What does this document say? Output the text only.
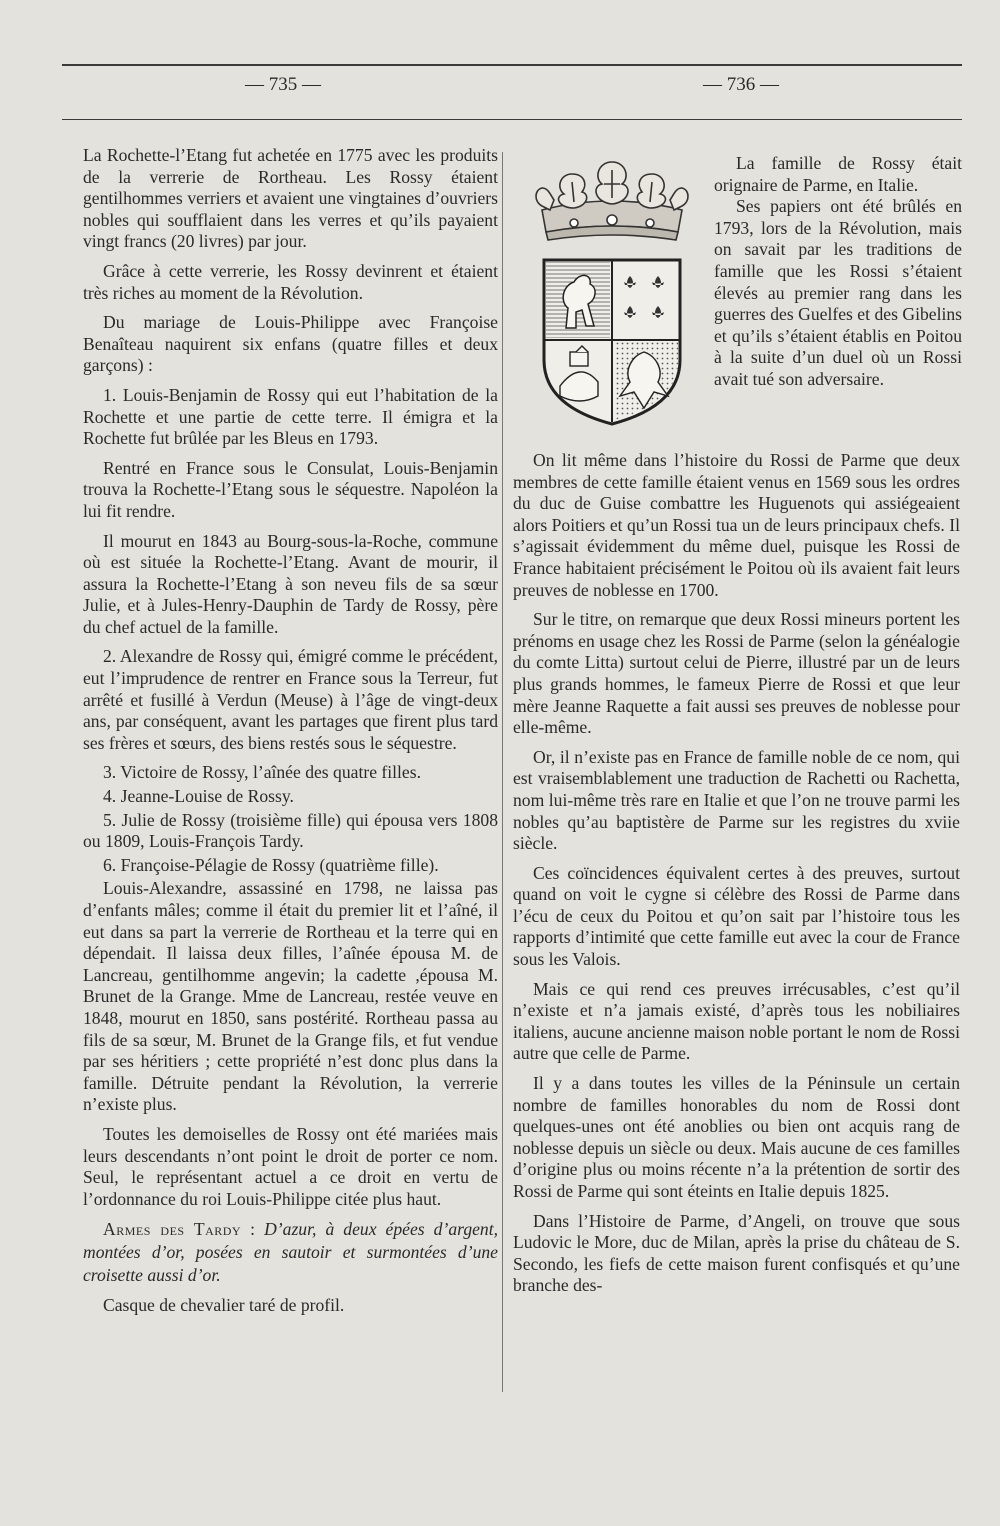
— 735 —	— 736 —

La Rochette-l’Etang fut achetée en 1775 avec les produits de la verrerie de Rortheau. Les Rossy étaient gentilhommes verriers et avaient une vingtaines d’ouvriers nobles qui soufflaient dans les verres et qu’ils payaient vingt francs (20 livres) par jour.

Grâce à cette verrerie, les Rossy devinrent et étaient très riches au moment de la Révolution.

Du mariage de Louis-Philippe avec Françoise Benaîteau naquirent six enfans (quatre filles et deux garçons) :

1. Louis-Benjamin de Rossy qui eut l’habitation de la Rochette et une partie de cette terre. Il émigra et la Rochette fut brûlée par les Bleus en 1793.

Rentré en France sous le Consulat, Louis-Benjamin trouva la Rochette-l’Etang sous le séquestre. Napoléon la lui fit rendre.

Il mourut en 1843 au Bourg-sous-la-Roche, commune où est située la Rochette-l’Etang. Avant de mourir, il assura la Rochette-l’Etang à son neveu fils de sa sœur Julie, et à Jules-Henry-Dauphin de Tardy de Rossy, père du chef actuel de la famille.

2. Alexandre de Rossy qui, émigré comme le précédent, eut l’imprudence de rentrer en France sous la Terreur, fut arrêté et fusillé à Verdun (Meuse) à l’âge de vingt-deux ans, par conséquent, avant les partages que firent plus tard ses frères et sœurs, des biens restés sous le séquestre.

3. Victoire de Rossy, l’aînée des quatre filles.

4. Jeanne-Louise de Rossy.

5. Julie de Rossy (troisième fille) qui épousa vers 1808 ou 1809, Louis-François Tardy.

6. Françoise-Pélagie de Rossy (quatrième fille).

Louis-Alexandre, assassiné en 1798, ne laissa pas d’enfants mâles; comme il était du premier lit et l’aîné, il eut dans sa part la verrerie de Rortheau et la terre qui en dépendait. Il laissa deux filles, l’aînée épousa M. de Lancreau, gentilhomme angevin; la cadette ,épousa M. Brunet de la Grange. Mme de Lancreau, restée veuve en 1848, mourut en 1850, sans postérité. Rortheau passa au fils de sa sœur, M. Brunet de la Grange fils, et fut vendue par ses héritiers ; cette propriété n’est donc plus dans la famille. Détruite pendant la Révolution, la verrerie n’existe plus.

Toutes les demoiselles de Rossy ont été mariées mais leurs descendants n’ont point le droit de porter ce nom. Seul, le représentant actuel a ce droit en vertu de l’ordonnance du roi Louis-Philippe citée plus haut.

Armes des Tardy : D’azur, à deux épées d’argent, montées d’or, posées en sautoir et surmontées d’une croisette aussi d’or.

Casque de chevalier taré de profil.

La famille de Rossy était orignaire de Parme, en Italie.

Ses papiers ont été brûlés en 1793, lors de la Révolution, mais on savait par les traditions de famille que les Rossi s’étaient élevés au premier rang dans les guerres des Guelfes et des Gibelins et qu’ils s’étaient établis en Poitou à la suite d’un duel où un Rossi avait tué son adversaire.

On lit même dans l’histoire du Rossi de Parme que deux membres de cette famille étaient venus en 1569 sous les ordres du duc de Guise combattre les Huguenots qui assiégeaient alors Poitiers et qu’un Rossi tua un de leurs principaux chefs. Il s’agissait évidemment du même duel, puisque les Rossi de France habitaient précisément le Poitou où ils avaient fait leurs preuves de noblesse en 1700.

Sur le titre, on remarque que deux Rossi mineurs portent les prénoms en usage chez les Rossi de Parme (selon la généalogie du comte Litta) surtout celui de Pierre, illustré par un de leurs plus grands hommes, le fameux Pierre de Rossi et que leur mère Jeanne Raquette a fait aussi ses preuves de noblesse pour elle-même.

Or, il n’existe pas en France de famille noble de ce nom, qui est vraisemblablement une traduction de Rachetti ou Rachetta, nom lui-même très rare en Italie et que l’on ne trouve parmi les nobles qu’au baptistère de Parme sur les registres du xviie siècle.

Ces coïncidences équivalent certes à des preuves, surtout quand on voit le cygne si célèbre des Rossi de Parme dans l’écu de ceux du Poitou et qu’on sait par l’histoire tous les rapports d’intimité que cette famille eut avec la cour de France sous les Valois.

Mais ce qui rend ces preuves irrécusables, c’est qu’il n’existe et n’a jamais existé, d’après tous les nobiliaires italiens, aucune ancienne maison noble portant le nom de Rossi autre que celle de Parme.

Il y a dans toutes les villes de la Péninsule un certain nombre de familles honorables du nom de Rossi dont quelques-unes ont été anoblies ou bien ont acquis rang de noblesse depuis un siècle ou deux. Mais aucune de ces familles d’origine plus ou moins récente n’a la prétention de sortir des Rossi de Parme qui sont éteints en Italie depuis 1825.

Dans l’Histoire de Parme, d’Angeli, on trouve que sous Ludovic le More, duc de Milan, après la prise du château de S. Secondo, les fiefs de cette maison furent confisqués et qu’une branche des-
